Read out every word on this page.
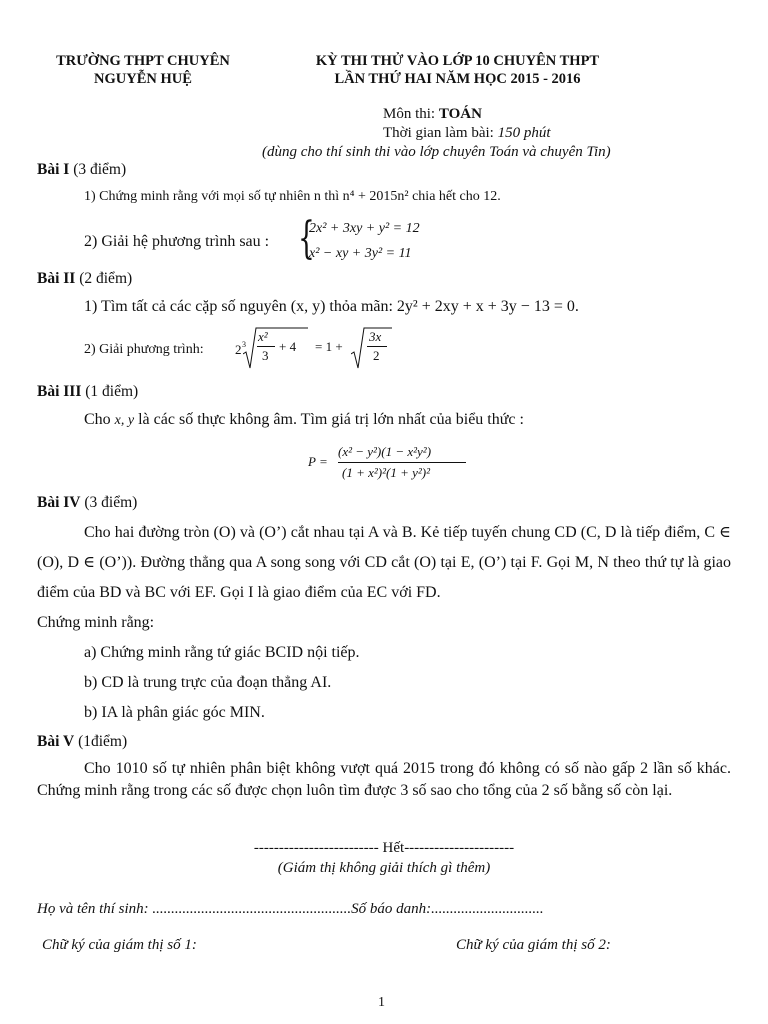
TRƯỜNG THPT CHUYÊN
NGUYỄN HUỆ
KỲ THI THỬ VÀO LỚP 10 CHUYÊN THPT
LẦN THỨ HAI NĂM HỌC 2015 - 2016
Môn thi: TOÁN
Thời gian làm bài: 150 phút
(dùng cho thí sinh thi vào lớp chuyên Toán và chuyên Tin)
Bài I (3 điểm)
1) Chứng minh rằng với mọi số tự nhiên n thì n⁴ + 2015n² chia hết cho 12.
2) Giải hệ phương trình sau : {
2x² + 3xy + y² = 12
x² − xy + 3y² = 11
Bài II (2 điểm)
1) Tìm tất cả các cặp số nguyên (x, y) thỏa mãn: 2y² + 2xy + x + 3y − 13 = 0.
2) Giải phương trình: 2 3
x²
3
+ 4 = 1 +
3x
2
Bài III (1 điểm)
Cho x, y là các số thực không âm. Tìm giá trị lớn nhất của biểu thức :
P =
(x² − y²)(1 − x²y²)
(1 + x²)²(1 + y²)²
Bài IV (3 điểm)
Cho hai đường tròn (O) và (O’) cắt nhau tại A và B. Kẻ tiếp tuyến chung CD (C, D là tiếp điểm, C ∈ (O), D ∈ (O’)). Đường thẳng qua A song song với CD cắt (O) tại E, (O’) tại F. Gọi M, N theo thứ tự là giao điểm của BD và BC với EF. Gọi I là giao điểm của EC với FD.
Chứng minh rằng:
a) Chứng minh rằng tứ giác BCID nội tiếp.
b) CD là trung trực của đoạn thẳng AI.
b) IA là phân giác góc MIN.
Bài V (1điểm)
Cho 1010 số tự nhiên phân biệt không vượt quá 2015 trong đó không có số nào gấp 2 lần số khác. Chứng minh rằng trong các số được chọn luôn tìm được 3 số sao cho tổng của 2 số bằng số còn lại.
------------------------- Hết----------------------
(Giám thị không giải thích gì thêm)
Họ và tên thí sinh: .....................................................Số báo danh:..............................
Chữ ký của giám thị số 1:	Chữ ký của giám thị số 2:
1
